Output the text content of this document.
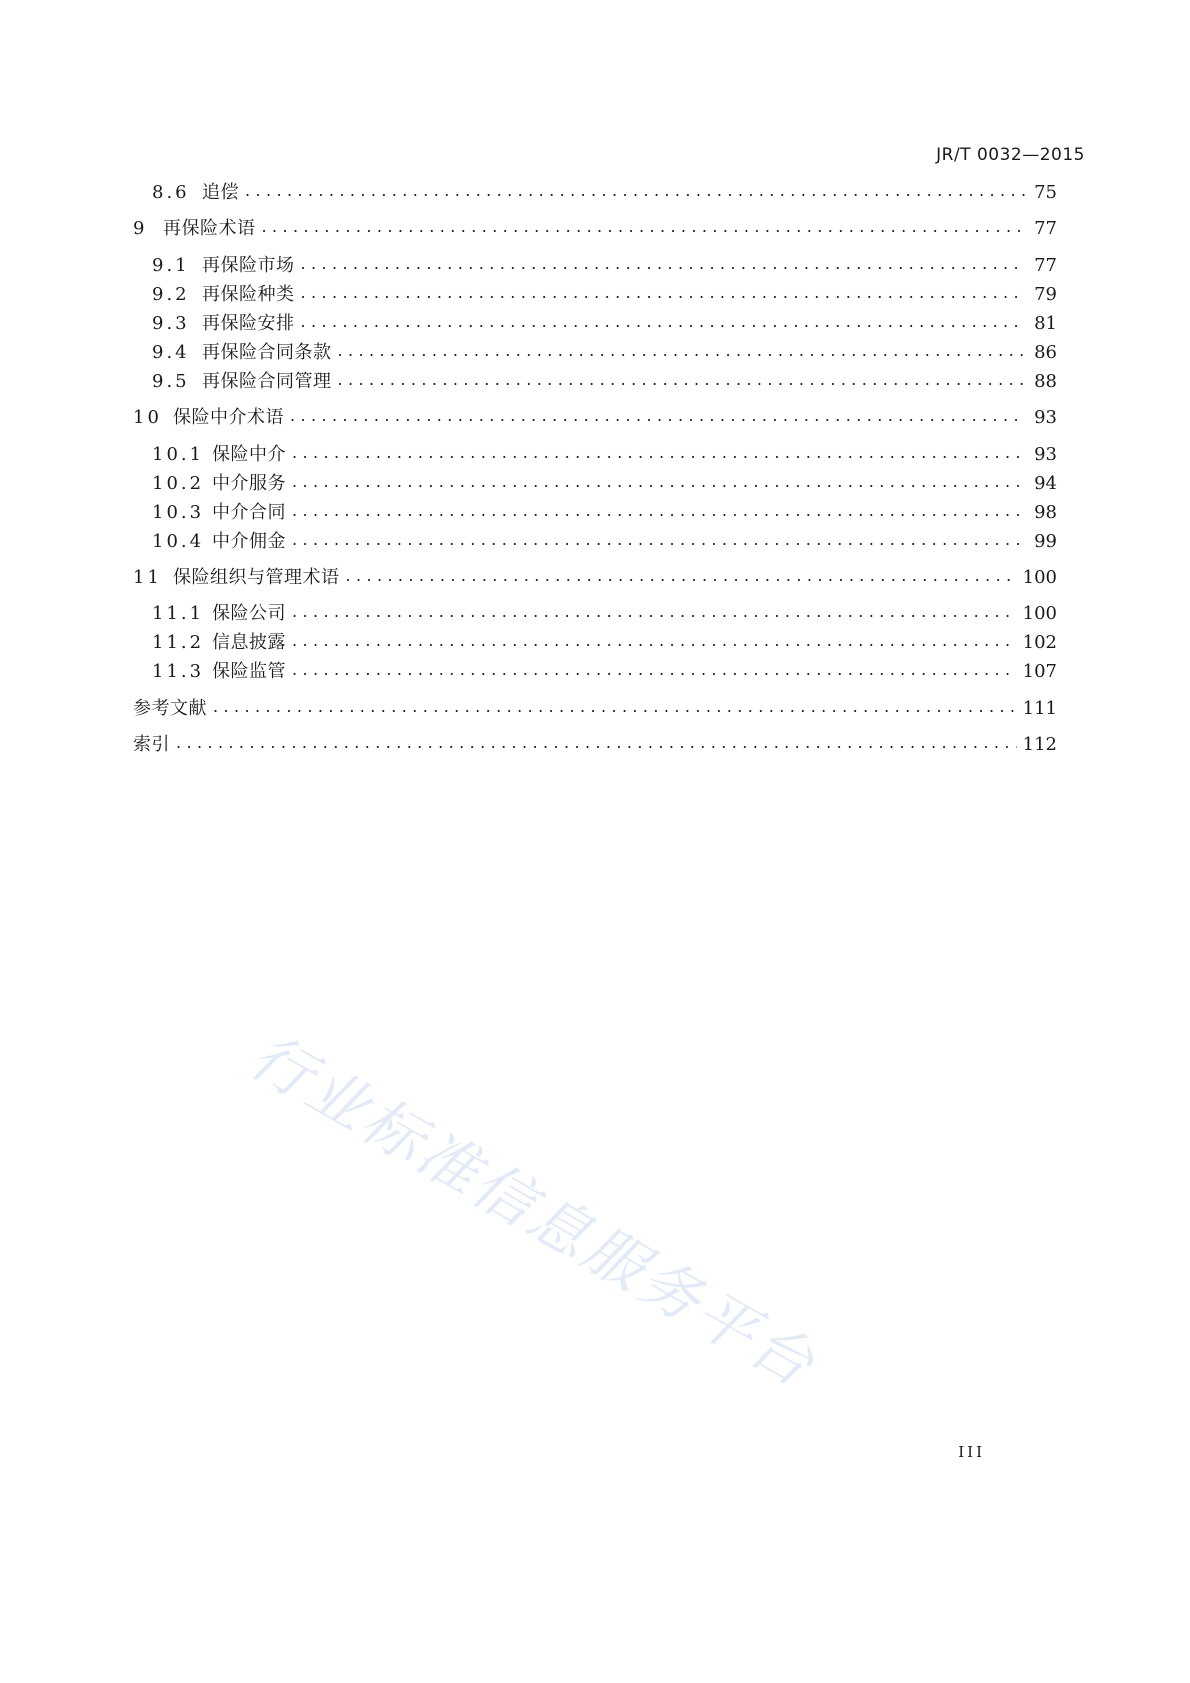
JR/T 0032—2015
8.6 追偿 .....	75
9 再保险术语 .....	77
9.1 再保险市场 .....	77
9.2 再保险种类 .....	79
9.3 再保险安排 .....	81
9.4 再保险合同条款 .....	86
9.5 再保险合同管理 .....	88
10 保险中介术语 .....	93
10.1 保险中介 .....	93
10.2 中介服务 .....	94
10.3 中介合同 .....	98
10.4 中介佣金 .....	99
11 保险组织与管理术语 .....	100
11.1 保险公司 .....	100
11.2 信息披露 .....	102
11.3 保险监管 .....	107
参考文献 .....	111
索引 .....	112
行业标准信息服务平台
III
